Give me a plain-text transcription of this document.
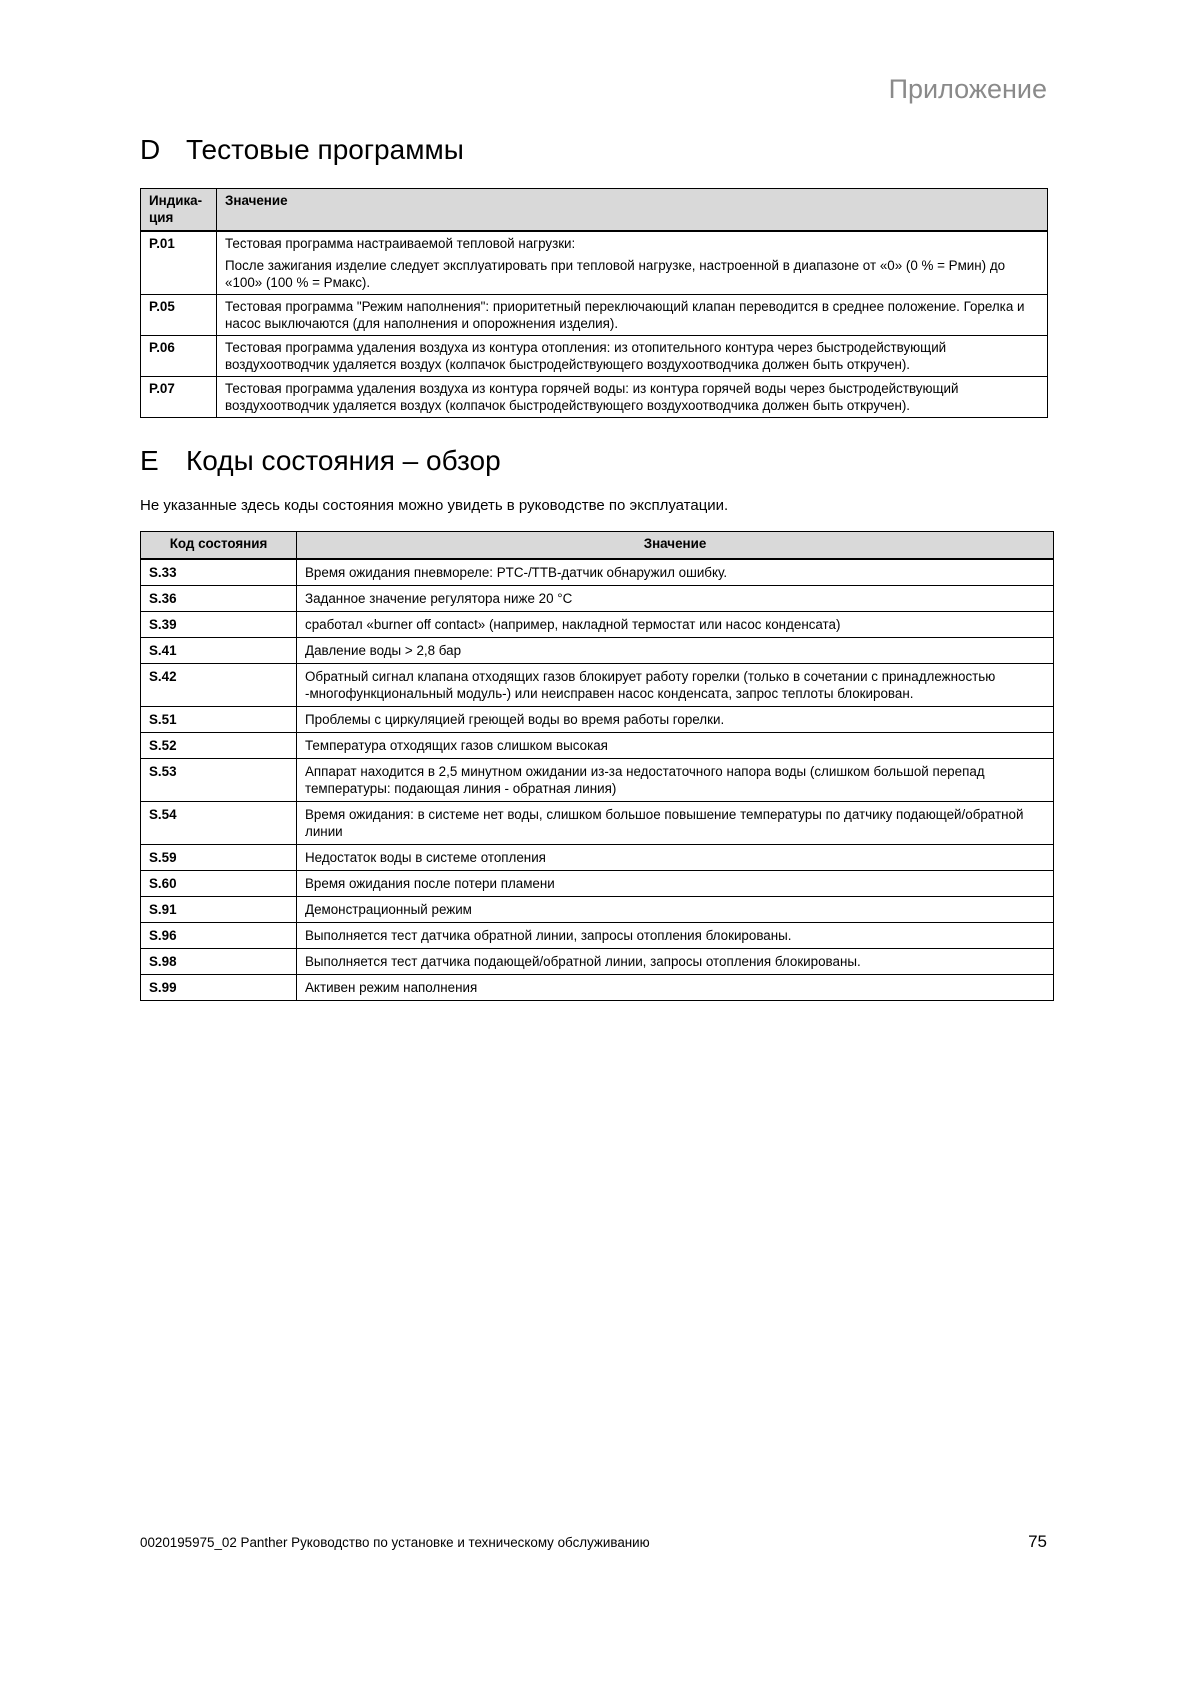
Приложение
D Тестовые программы
Индика-
ция	Значение
P.01	Тестовая программа настраиваемой тепловой нагрузки:
После зажигания изделие следует эксплуатировать при тепловой нагрузке, настроенной в диапазоне от «0» (0 % = Рмин) до «100» (100 % = Рмакс).

P.05	Тестовая программа "Режим наполнения": приоритетный переключающий клапан переводится в среднее положение. Горелка и насос выключаются (для наполнения и опорожнения изделия).

P.06	Тестовая программа удаления воздуха из контура отопления: из отопительного контура через быстродействующий воздухоотводчик удаляется воздух (колпачок быстродействующего воздухоотводчика должен быть откручен).

P.07	Тестовая программа удаления воздуха из контура горячей воды: из контура горячей воды через быстродействующий воздухоотводчик удаляется воздух (колпачок быстродействующего воздухоотводчика должен быть откручен).
E Коды состояния – обзор
Не указанные здесь коды состояния можно увидеть в руководстве по эксплуатации.
Код состояния	Значение
S.33	Время ожидания пневмореле: PTC-/TTB-датчик обнаружил ошибку.
S.36	Заданное значение регулятора ниже 20 °C
S.39	сработал «burner off contact» (например, накладной термостат или насос конденсата)
S.41	Давление воды > 2,8 бар
S.42	Обратный сигнал клапана отходящих газов блокирует работу горелки (только в сочетании с принадлежностью -многофункциональный модуль-) или неисправен насос конденсата, запрос теплоты блокирован.
S.51	Проблемы с циркуляцией греющей воды во время работы горелки.
S.52	Температура отходящих газов слишком высокая
S.53	Аппарат находится в 2,5 минутном ожидании из-за недостаточного напора воды (слишком большой перепад температуры: подающая линия - обратная линия)
S.54	Время ожидания: в системе нет воды, слишком большое повышение температуры по датчику подающей/обратной линии
S.59	Недостаток воды в системе отопления
S.60	Время ожидания после потери пламени
S.91	Демонстрационный режим
S.96	Выполняется тест датчика обратной линии, запросы отопления блокированы.
S.98	Выполняется тест датчика подающей/обратной линии, запросы отопления блокированы.
S.99	Активен режим наполнения
0020195975_02 Panther Руководство по установке и техническому обслуживанию	75
